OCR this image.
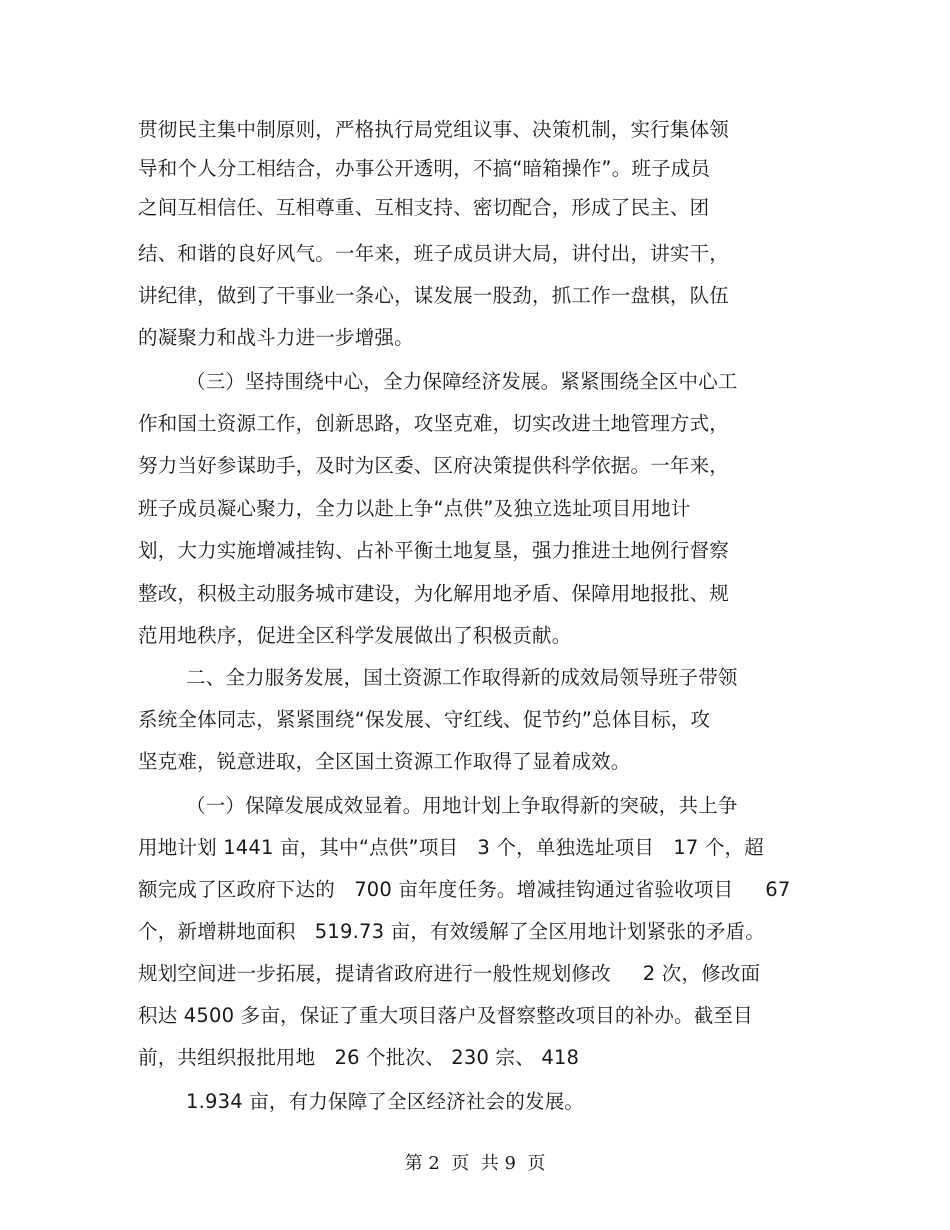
贯彻民主集中制原则，严格执行局党组议事、决策机制，实行集体领
导和个人分工相结合，办事公开透明，不搞“暗箱操作”。班子成员
之间互相信任、互相尊重、互相支持、密切配合，形成了民主、团
结、和谐的良好风气。一年来，班子成员讲大局，讲付出，讲实干，
讲纪律，做到了干事业一条心，谋发展一股劲，抓工作一盘棋，队伍
的凝聚力和战斗力进一步增强。
（三）坚持围绕中心，全力保障经济发展。紧紧围绕全区中心工
作和国土资源工作，创新思路，攻坚克难，切实改进土地管理方式，
努力当好参谋助手，及时为区委、区府决策提供科学依据。一年来，
班子成员凝心聚力，全力以赴上争“点供”及独立选址项目用地计
划，大力实施增减挂钩、占补平衡土地复垦，强力推进土地例行督察
整改，积极主动服务城市建设，为化解用地矛盾、保障用地报批、规
范用地秩序，促进全区科学发展做出了积极贡献。
二、全力服务发展，国土资源工作取得新的成效局领导班子带领
系统全体同志，紧紧围绕“保发展、守红线、促节约”总体目标，攻
坚克难，锐意进取，全区国土资源工作取得了显着成效。
（一）保障发展成效显着。用地计划上争取得新的突破，共上争
用地计划 1441 亩，其中“点供”项目   3 个，单独选址项目   17 个，超
额完成了区政府下达的   700 亩年度任务。增减挂钩通过省验收项目     67
个，新增耕地面积   519.73 亩，有效缓解了全区用地计划紧张的矛盾。
规划空间进一步拓展，提请省政府进行一般性规划修改     2 次，修改面
积达 4500 多亩，保证了重大项目落户及督察整改项目的补办。截至目
前，共组织报批用地   26 个批次、 230 宗、 418
1.934 亩，有力保障了全区经济社会的发展。
第 2  页  共 9  页
